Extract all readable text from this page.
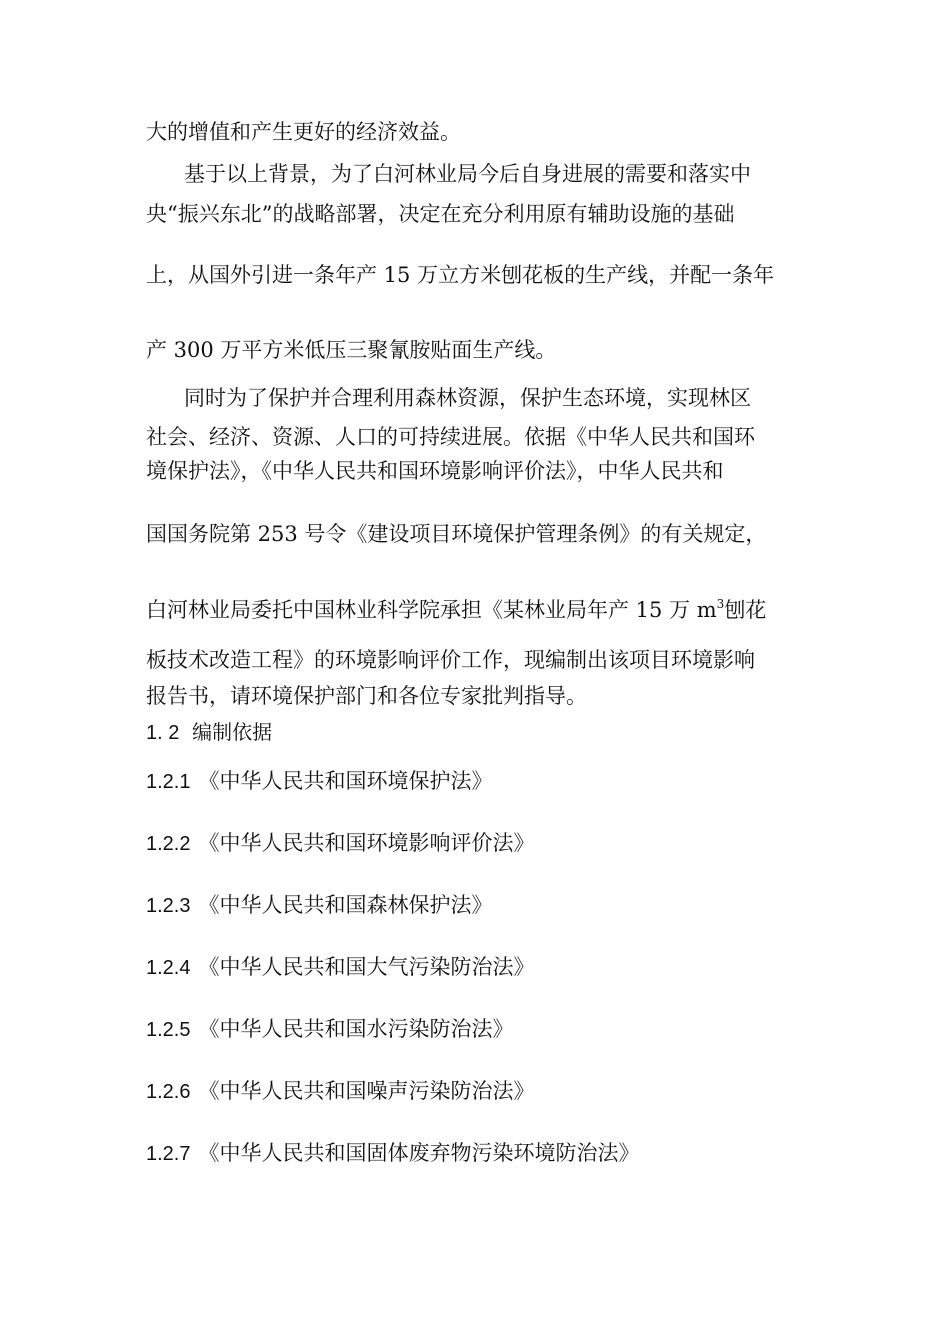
大的增值和产生更好的经济效益。
基于以上背景，为了白河林业局今后自身进展的需要和落实中
央“振兴东北”的战略部署，决定在充分利用原有辅助设施的基础
上，从国外引进一条年产 15 万立方米刨花板的生产线，并配一条年
产 300 万平方米低压三聚氰胺贴面生产线。
同时为了保护并合理利用森林资源，保护生态环境，实现林区
社会、经济、资源、人口的可持续进展。依据《中华人民共和国环
境保护法》，《中华人民共和国环境影响评价法》，中华人民共和
国国务院第 253 号令《建设项目环境保护管理条例》的有关规定，
白河林业局委托中国林业科学院承担《某林业局年产 15 万 $m^3$刨花
板技术改造工程》的环境影响评价工作，现编制出该项目环境影响
报告书，请环境保护部门和各位专家批判指导。
1. 2 编制依据
1.2.1 《中华人民共和国环境保护法》
1.2.2 《中华人民共和国环境影响评价法》
1.2.3 《中华人民共和国森林保护法》
1.2.4 《中华人民共和国大气污染防治法》
1.2.5 《中华人民共和国水污染防治法》
1.2.6 《中华人民共和国噪声污染防治法》
1.2.7 《中华人民共和国固体废弃物污染环境防治法》
